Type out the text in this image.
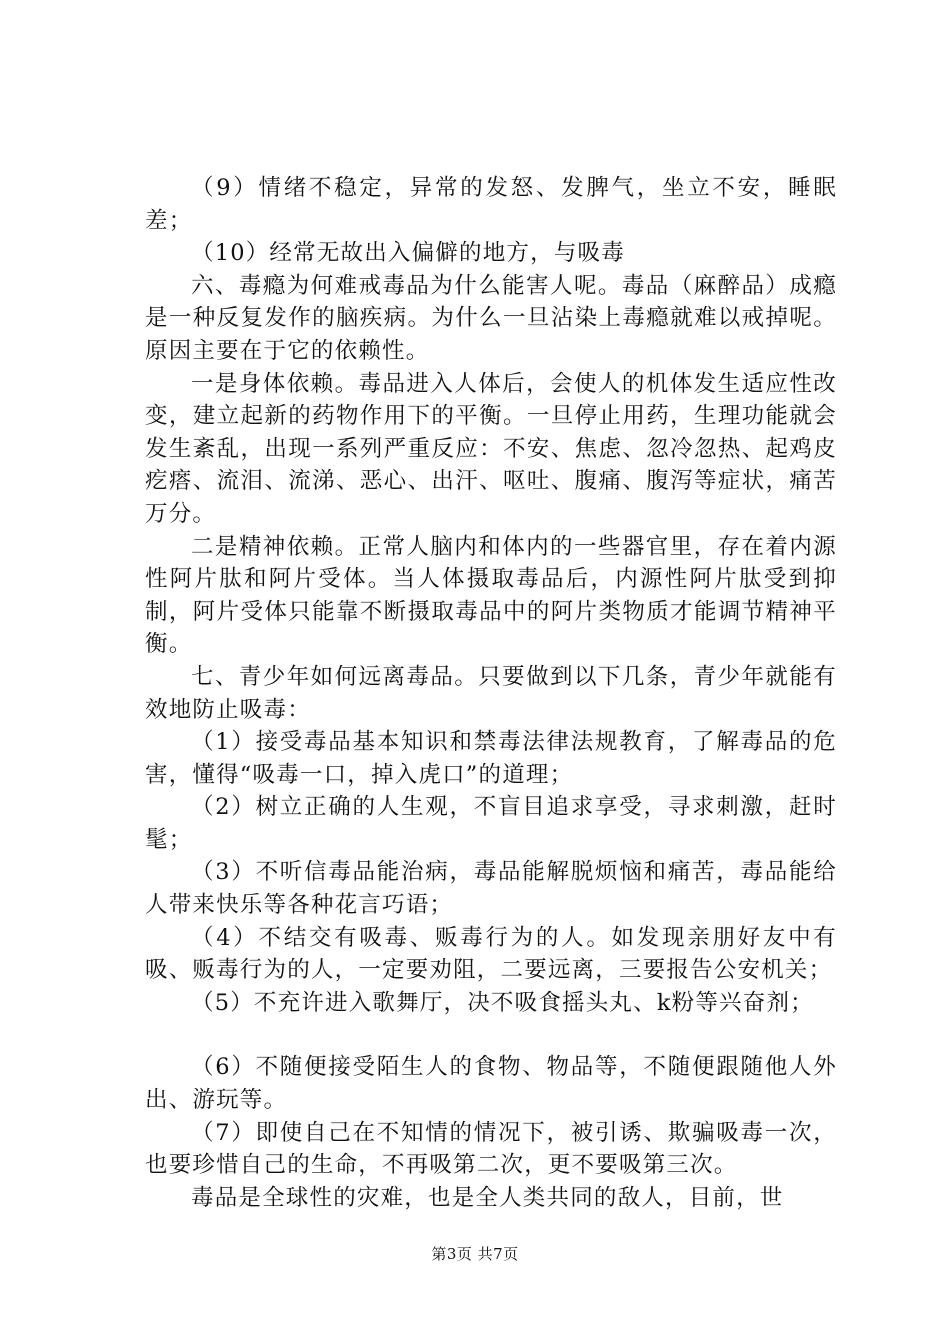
（9）情绪不稳定，异常的发怒、发脾气，坐立不安，睡眠差；

（10）经常无故出入偏僻的地方，与吸毒

六、毒瘾为何难戒毒品为什么能害人呢。毒品（麻醉品）成瘾是一种反复发作的脑疾病。为什么一旦沾染上毒瘾就难以戒掉呢。原因主要在于它的依赖性。

一是身体依赖。毒品进入人体后，会使人的机体发生适应性改变，建立起新的药物作用下的平衡。一旦停止用药，生理功能就会发生紊乱，出现一系列严重反应：不安、焦虑、忽冷忽热、起鸡皮疙瘩、流泪、流涕、恶心、出汗、呕吐、腹痛、腹泻等症状，痛苦万分。

二是精神依赖。正常人脑内和体内的一些器官里，存在着内源性阿片肽和阿片受体。当人体摄取毒品后，内源性阿片肽受到抑制，阿片受体只能靠不断摄取毒品中的阿片类物质才能调节精神平衡。

七、青少年如何远离毒品。只要做到以下几条，青少年就能有效地防止吸毒：

（1）接受毒品基本知识和禁毒法律法规教育，了解毒品的危害，懂得“吸毒一口，掉入虎口”的道理；

（2）树立正确的人生观，不盲目追求享受，寻求刺激，赶时髦；

（3）不听信毒品能治病，毒品能解脱烦恼和痛苦，毒品能给人带来快乐等各种花言巧语；

（4）不结交有吸毒、贩毒行为的人。如发现亲朋好友中有吸、贩毒行为的人，一定要劝阻，二要远离，三要报告公安机关；

（5）不充许进入歌舞厅，决不吸食摇头丸、k粉等兴奋剂；

（6）不随便接受陌生人的食物、物品等，不随便跟随他人外出、游玩等。

（7）即使自己在不知情的情况下，被引诱、欺骗吸毒一次，也要珍惜自己的生命，不再吸第二次，更不要吸第三次。

毒品是全球性的灾难，也是全人类共同的敌人，目前，世

第3页 共7页
